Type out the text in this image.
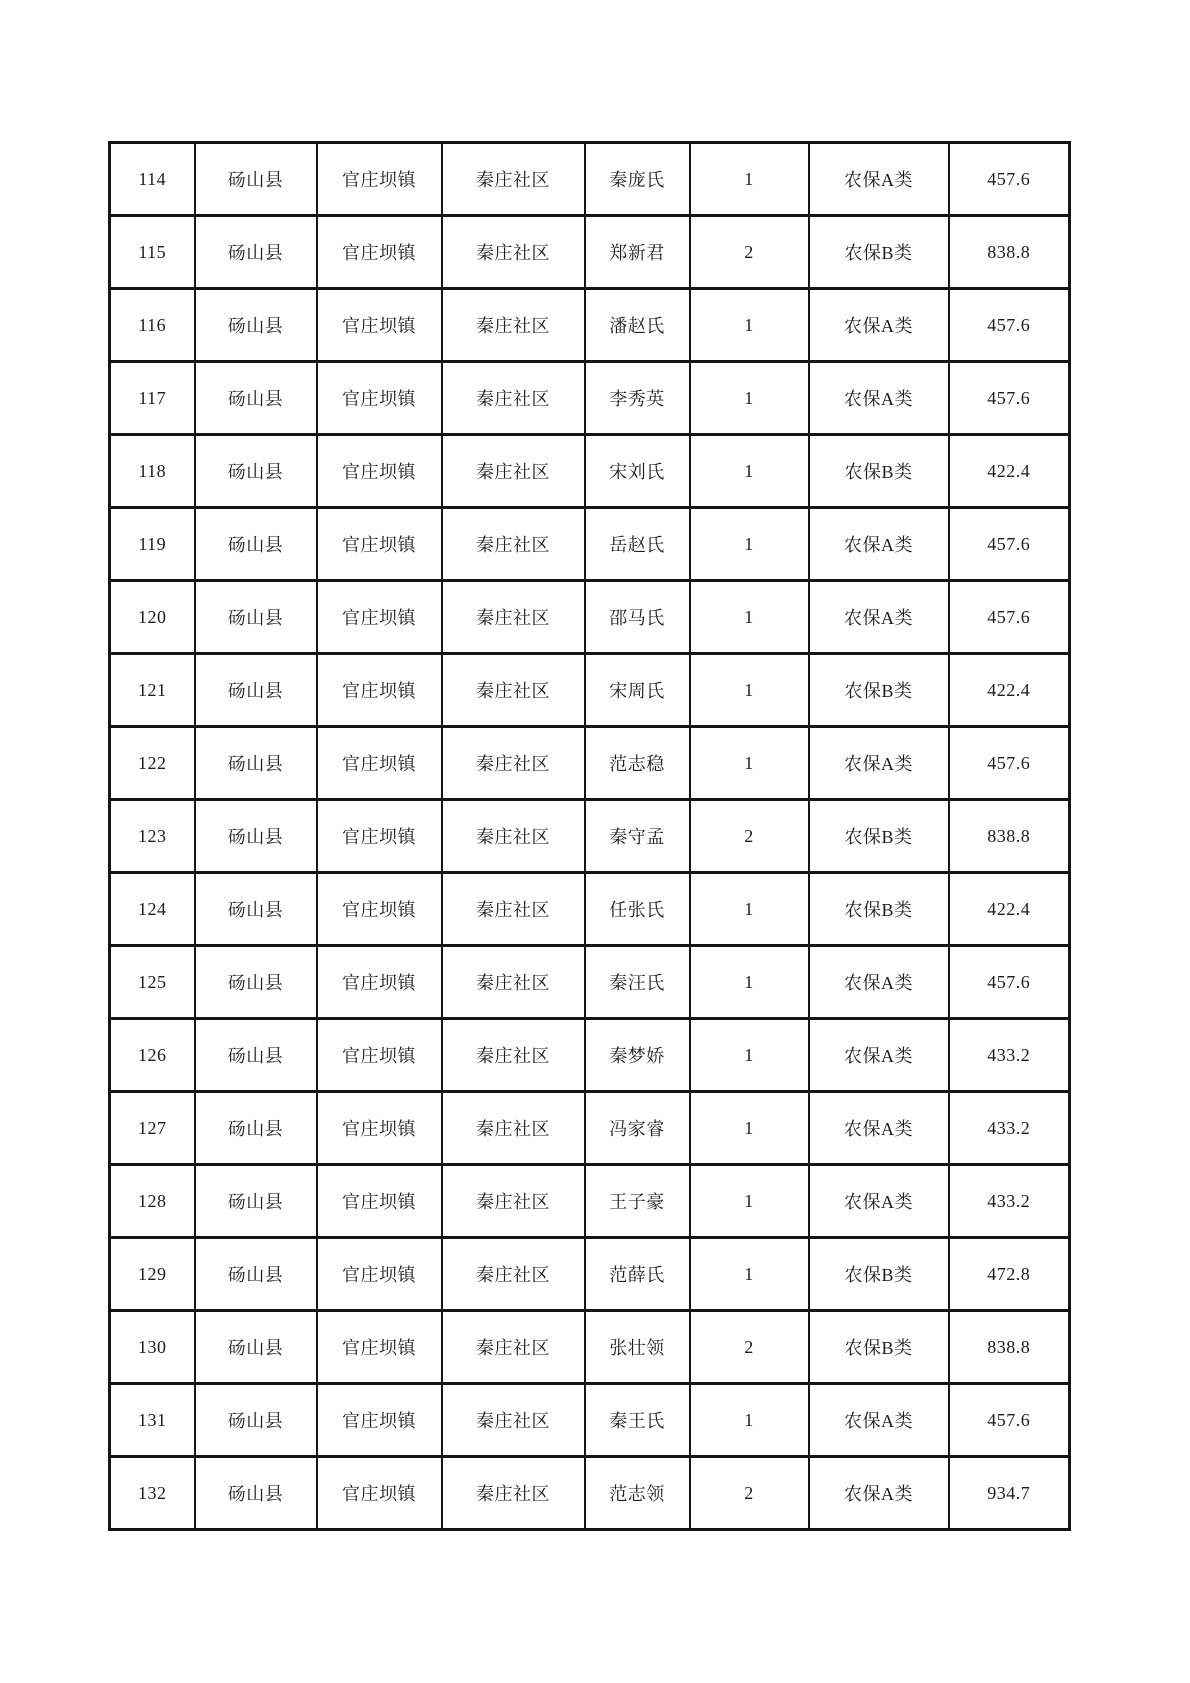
114	砀山县	官庄坝镇	秦庄社区	秦庞氏	1	农保A类	457.6
115	砀山县	官庄坝镇	秦庄社区	郑新君	2	农保B类	838.8
116	砀山县	官庄坝镇	秦庄社区	潘赵氏	1	农保A类	457.6
117	砀山县	官庄坝镇	秦庄社区	李秀英	1	农保A类	457.6
118	砀山县	官庄坝镇	秦庄社区	宋刘氏	1	农保B类	422.4
119	砀山县	官庄坝镇	秦庄社区	岳赵氏	1	农保A类	457.6
120	砀山县	官庄坝镇	秦庄社区	邵马氏	1	农保A类	457.6
121	砀山县	官庄坝镇	秦庄社区	宋周氏	1	农保B类	422.4
122	砀山县	官庄坝镇	秦庄社区	范志稳	1	农保A类	457.6
123	砀山县	官庄坝镇	秦庄社区	秦守孟	2	农保B类	838.8
124	砀山县	官庄坝镇	秦庄社区	任张氏	1	农保B类	422.4
125	砀山县	官庄坝镇	秦庄社区	秦汪氏	1	农保A类	457.6
126	砀山县	官庄坝镇	秦庄社区	秦梦娇	1	农保A类	433.2
127	砀山县	官庄坝镇	秦庄社区	冯家睿	1	农保A类	433.2
128	砀山县	官庄坝镇	秦庄社区	王子豪	1	农保A类	433.2
129	砀山县	官庄坝镇	秦庄社区	范薛氏	1	农保B类	472.8
130	砀山县	官庄坝镇	秦庄社区	张壮领	2	农保B类	838.8
131	砀山县	官庄坝镇	秦庄社区	秦王氏	1	农保A类	457.6
132	砀山县	官庄坝镇	秦庄社区	范志领	2	农保A类	934.7
